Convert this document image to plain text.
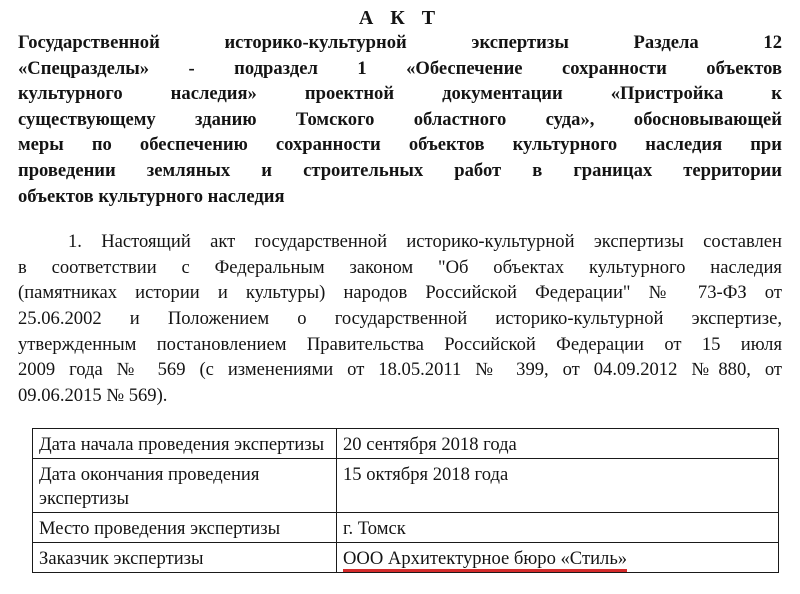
А К Т
Государственной историко-культурной экспертизы Раздела 12
«Спецразделы» - подраздел 1 «Обеспечение сохранности объектов
культурного наследия» проектной документации «Пристройка к
существующему зданию Томского областного суда», обосновывающей
меры по обеспечению сохранности объектов культурного наследия при
проведении земляных и строительных работ в границах территории
объектов культурного наследия
1. Настоящий акт государственной историко-культурной экспертизы составлен
в соответствии с Федеральным законом "Об объектах культурного наследия
(памятниках истории и культуры) народов Российской Федерации" № 73-ФЗ от
25.06.2002 и Положением о государственной историко-культурной экспертизе,
утвержденным постановлением Правительства Российской Федерации от 15 июля
2009 года № 569 (с изменениями от 18.05.2011 № 399, от 04.09.2012 №880, от
09.06.2015 № 569).
Дата начала проведения экспертизы	20 сентября 2018 года
Дата окончания проведения экспертизы	15 октября 2018 года
Место проведения экспертизы	г. Томск
Заказчик экспертизы	ООО Архитектурное бюро «Стиль»
